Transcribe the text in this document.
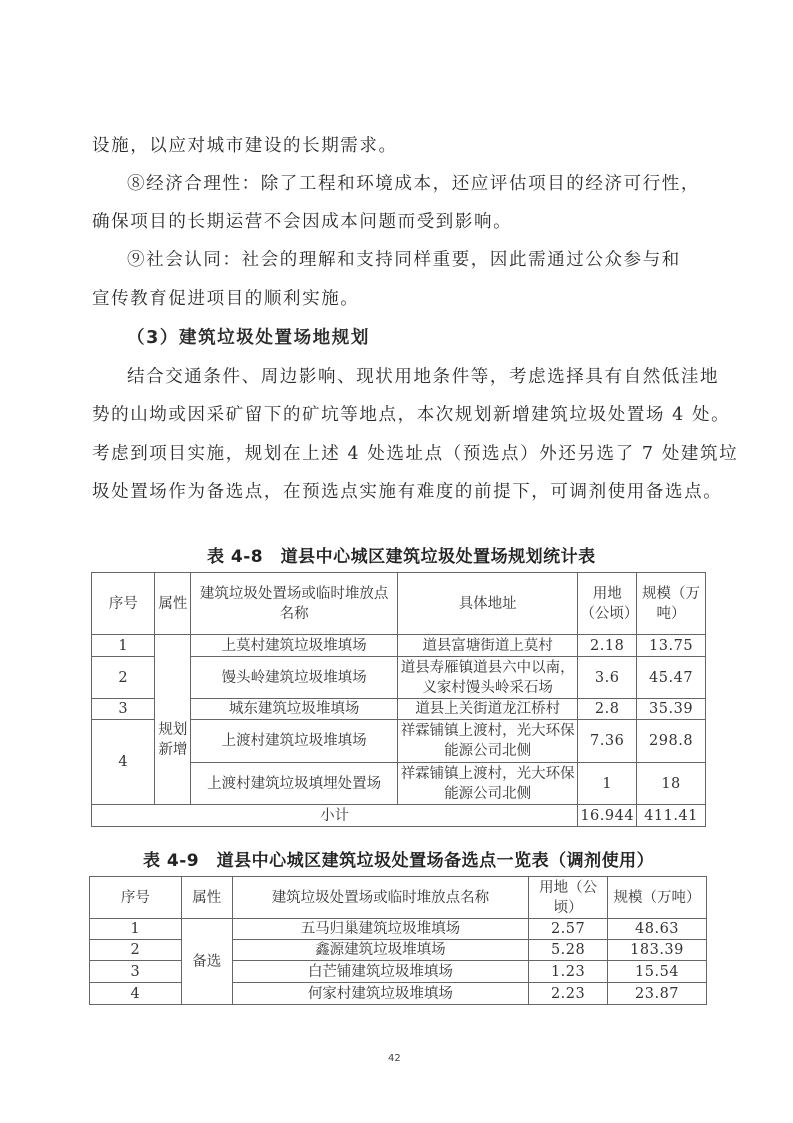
设施，以应对城市建设的长期需求。
⑧经济合理性：除了工程和环境成本，还应评估项目的经济可行性，
确保项目的长期运营不会因成本问题而受到影响。
⑨社会认同：社会的理解和支持同样重要，因此需通过公众参与和
宣传教育促进项目的顺利实施。
（3）建筑垃圾处置场地规划
结合交通条件、周边影响、现状用地条件等，考虑选择具有自然低洼地
势的山坳或因采矿留下的矿坑等地点，本次规划新增建筑垃圾处置场 4 处。
考虑到项目实施，规划在上述 4 处选址点（预选点）外还另选了 7 处建筑垃
圾处置场作为备选点，在预选点实施有难度的前提下，可调剂使用备选点。
表 4-8　道县中心城区建筑垃圾处置场规划统计表
序号	属性	建筑垃圾处置场或临时堆放点名称	具体地址	用地（公顷）	规模（万吨）
1	规划新增	上莫村建筑垃圾堆填场	道县富塘街道上莫村	2.18	13.75
2		馒头岭建筑垃圾堆填场	道县寿雁镇道县六中以南，义家村馒头岭采石场	3.6	45.47
3		城东建筑垃圾堆填场	道县上关街道龙江桥村	2.8	35.39
4		上渡村建筑垃圾堆填场	祥霖铺镇上渡村，光大环保能源公司北侧	7.36	298.8
		上渡村建筑垃圾填埋处置场	祥霖铺镇上渡村，光大环保能源公司北侧	1	18
小计				16.944	411.41
表 4-9　道县中心城区建筑垃圾处置场备选点一览表（调剂使用）
序号	属性	建筑垃圾处置场或临时堆放点名称	用地（公顷）	规模（万吨）
1	备选	五马归巢建筑垃圾堆填场	2.57	48.63
2		鑫源建筑垃圾堆填场	5.28	183.39
3		白芒铺建筑垃圾堆填场	1.23	15.54
4		何家村建筑垃圾堆填场	2.23	23.87
42
